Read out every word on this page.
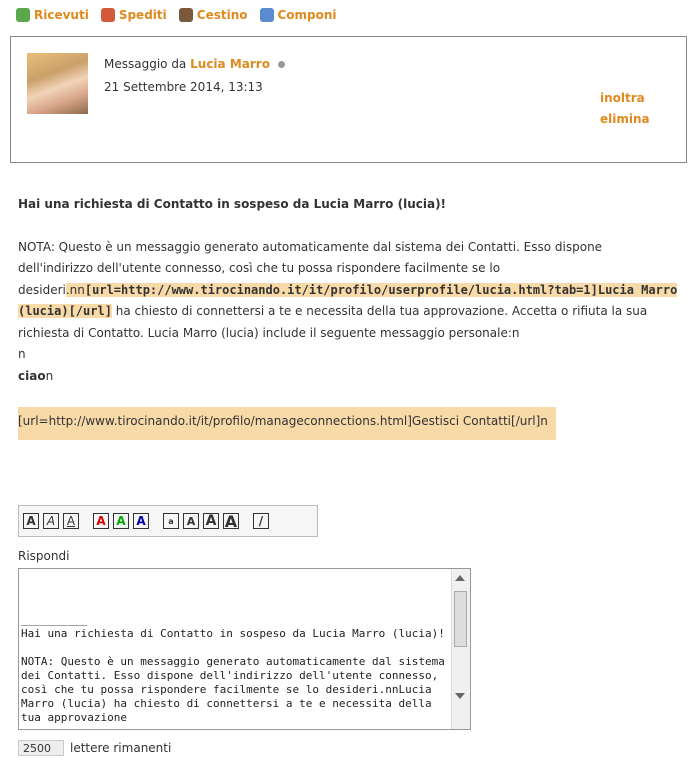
Ricevuti	Spediti	Cestino	Componi
Messaggio da Lucia Marro
21 Settembre 2014, 13:13
inoltra
elimina
Hai una richiesta di Contatto in sospeso da Lucia Marro (lucia)!
NOTA: Questo è un messaggio generato automaticamente dal sistema dei Contatti. Esso dispone dell'indirizzo dell'utente connesso, così che tu possa rispondere facilmente se lo desideri.nn[url=http://www.tirocinando.it/it/profilo/userprofile/lucia.html?tab=1]Lucia Marro (lucia)[/url] ha chiesto di connettersi a te e necessita della tua approvazione. Accetta o rifiuta la sua richiesta di Contatto. Lucia Marro (lucia) include il seguente messaggio personale:n
n
ciaon
[url=http://www.tirocinando.it/it/profilo/manageconnections.html]Gestisci Contatti[/url]n
A A A	A A A	a	A A A	/
Rispondi
__________
Hai una richiesta di Contatto in sospeso da Lucia Marro (lucia)!

NOTA: Questo è un messaggio generato automaticamente dal sistema dei Contatti. Esso dispone dell'indirizzo dell'utente connesso, così che tu possa rispondere facilmente se lo desideri.nnLucia Marro (lucia) ha chiesto di connettersi a te e necessita della tua approvazione
2500
lettere rimanenti
